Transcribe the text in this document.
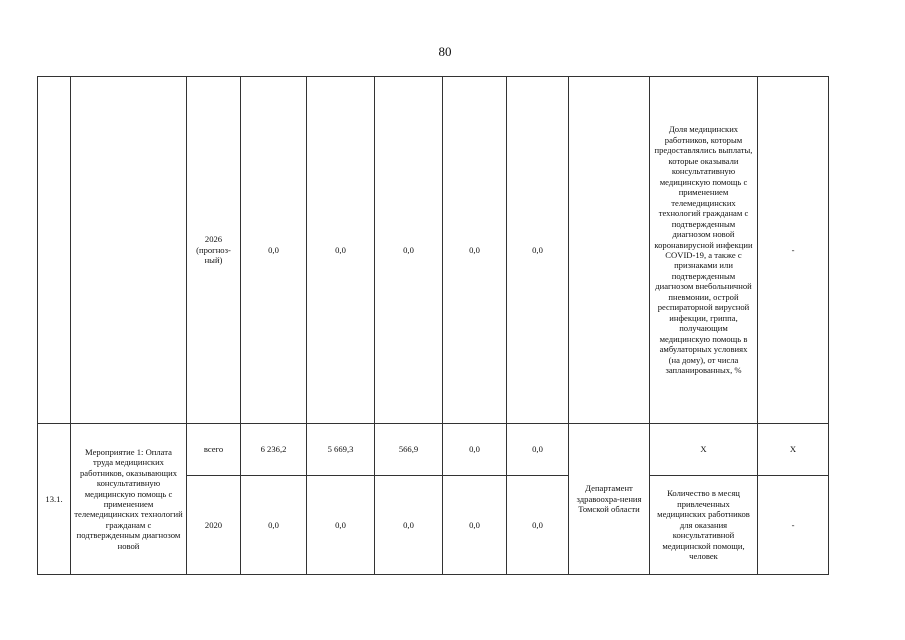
80
		2026 (прогноз-ный)	0,0	0,0	0,0	0,0	0,0		Доля медицинских работников, которым предоставлялись выплаты, которые оказывали консультативную медицинскую помощь с применением телемедицинских технологий гражданам с подтвержденным диагнозом новой коронавирусной инфекции COVID-19, а также с признаками или подтвержденным диагнозом внебольничной пневмонии, острой респираторной вирусной инфекции, гриппа, получающим медицинскую помощь в амбулаторных условиях (на дому), от числа запланированных, %	-
13.1.	Мероприятие 1: Оплата труда медицинских работников, оказывающих консультативную медицинскую помощь с применением телемедицинских технологий гражданам с подтвержденным диагнозом новой	всего	6 236,2	5 669,3	566,9	0,0	0,0	Департамент здравоохра-нения Томской области	X	X
		2020	0,0	0,0	0,0	0,0	0,0		Количество в месяц привлеченных медицинских работников для оказания консультативной медицинской помощи, человек	-
